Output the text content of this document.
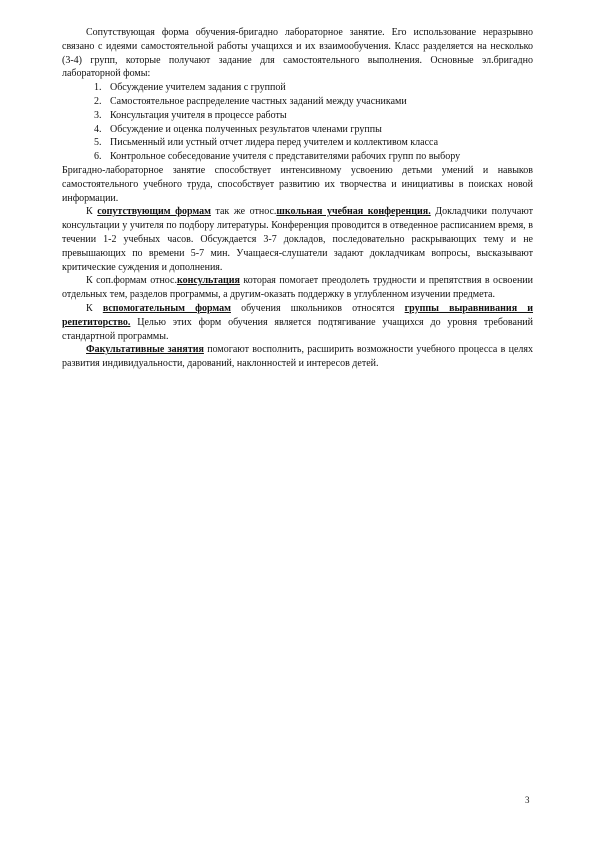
Сопутствующая форма обучения-бригадно лабораторное занятие. Его использование неразрывно связано с идеями самостоятельной работы учащихся и их взаимообучения. Класс разделяется на несколько (3-4) групп, которые получают задание для самостоятельного выполнения. Основные эл.бригадно лабораторной фомы:

1. Обсуждение учителем задания с группой
2. Самостоятельное распределение частных заданий между учасниками
3. Консультация учителя в процессе работы
4. Обсуждение и оценка полученных результатов членами группы
5. Письменный или устный отчет лидера перед учителем и коллективом класса
6. Контрольное собеседование учителя с представителями рабочих групп по выбору

Бригадно-лабораторное занятие способствует интенсивному усвоению детьми умений и навыков самостоятельного учебного труда, способствует развитию их творчества и инициативы в поисках новой информации.

К сопутствующим формам так же относ.школьная учебная конференция. Докладчики получают консультации у учителя по подбору литературы. Конференция проводится в отведенное расписанием время, в течении 1-2 учебных часов. Обсуждается 3-7 докладов, последовательно раскрывающих тему и не превышающих по времени 5-7 мин. Учащаеся-слушатели задают докладчикам вопросы, высказывают критические суждения и дополнения.

К соп.формам относ.консультация которая помогает преодолеть трудности и препятствия в освоении отдельных тем, разделов программы, а другим-оказать поддержку в углубленном изучении предмета.

К вспомогательным формам обучения школьников относятся группы выравнивания и репетиторство. Целью этих форм обучения является подтягивание учащихся до уровня требований стандартной программы.

Факультативные занятия помогают восполнить, расширить возможности учебного процесса в целях развития индивидуальности, дарований, наклонностей и интересов детей.

3
